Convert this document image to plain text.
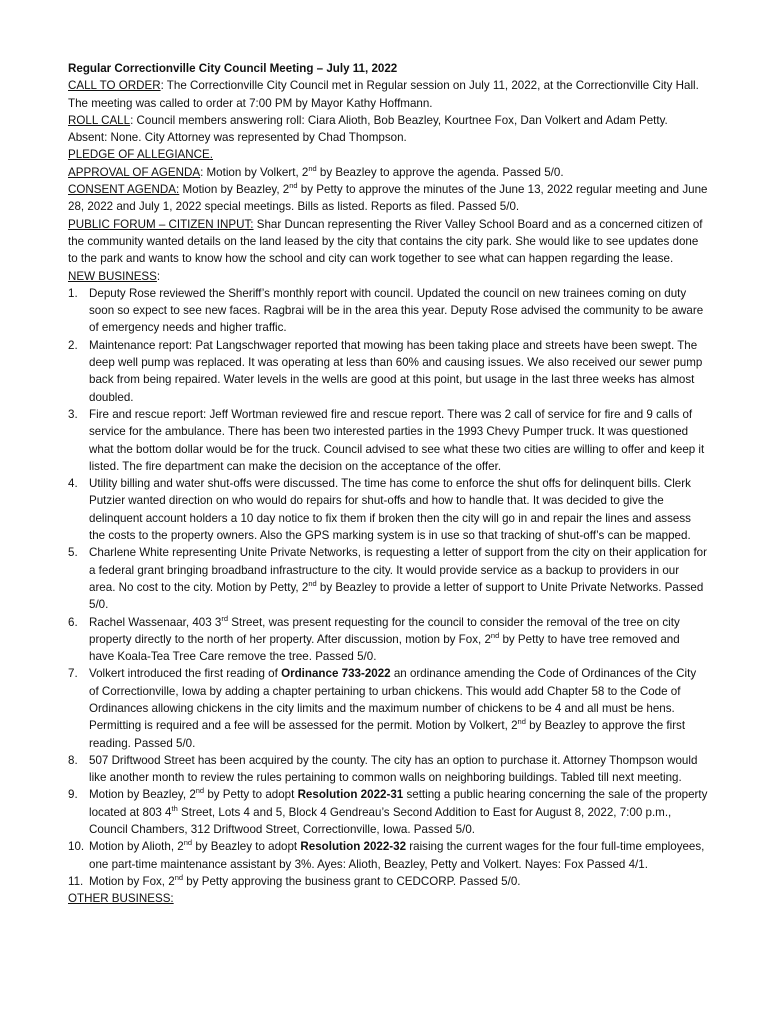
Regular Correctionville City Council Meeting – July 11, 2022

CALL TO ORDER: The Correctionville City Council met in Regular session on July 11, 2022, at the Correctionville City Hall. The meeting was called to order at 7:00 PM by Mayor Kathy Hoffmann.

ROLL CALL: Council members answering roll: Ciara Alioth, Bob Beazley, Kourtnee Fox, Dan Volkert and Adam Petty. Absent: None. City Attorney was represented by Chad Thompson.

PLEDGE OF ALLEGIANCE.

APPROVAL OF AGENDA: Motion by Volkert, 2nd by Beazley to approve the agenda. Passed 5/0.

CONSENT AGENDA: Motion by Beazley, 2nd by Petty to approve the minutes of the June 13, 2022 regular meeting and June 28, 2022 and July 1, 2022 special meetings. Bills as listed. Reports as filed. Passed 5/0.

PUBLIC FORUM – CITIZEN INPUT: Shar Duncan representing the River Valley School Board and as a concerned citizen of the community wanted details on the land leased by the city that contains the city park. She would like to see updates done to the park and wants to know how the school and city can work together to see what can happen regarding the lease.

NEW BUSINESS:

1. Deputy Rose reviewed the Sheriff’s monthly report with council. Updated the council on new trainees coming on duty soon so expect to see new faces. Ragbrai will be in the area this year. Deputy Rose advised the community to be aware of emergency needs and higher traffic.
2. Maintenance report: Pat Langschwager reported that mowing has been taking place and streets have been swept. The deep well pump was replaced. It was operating at less than 60% and causing issues. We also received our sewer pump back from being repaired. Water levels in the wells are good at this point, but usage in the last three weeks has almost doubled.
3. Fire and rescue report: Jeff Wortman reviewed fire and rescue report. There was 2 call of service for fire and 9 calls of service for the ambulance. There has been two interested parties in the 1993 Chevy Pumper truck. It was questioned what the bottom dollar would be for the truck. Council advised to see what these two cities are willing to offer and keep it listed. The fire department can make the decision on the acceptance of the offer.
4. Utility billing and water shut-offs were discussed. The time has come to enforce the shut offs for delinquent bills. Clerk Putzier wanted direction on who would do repairs for shut-offs and how to handle that. It was decided to give the delinquent account holders a 10 day notice to fix them if broken then the city will go in and repair the lines and assess the costs to the property owners. Also the GPS marking system is in use so that tracking of shut-off’s can be mapped.
5. Charlene White representing Unite Private Networks, is requesting a letter of support from the city on their application for a federal grant bringing broadband infrastructure to the city. It would provide service as a backup to providers in our area. No cost to the city. Motion by Petty, 2nd by Beazley to provide a letter of support to Unite Private Networks. Passed 5/0.
6. Rachel Wassenaar, 403 3rd Street, was present requesting for the council to consider the removal of the tree on city property directly to the north of her property. After discussion, motion by Fox, 2nd by Petty to have tree removed and have Koala-Tea Tree Care remove the tree. Passed 5/0.
7. Volkert introduced the first reading of Ordinance 733-2022 an ordinance amending the Code of Ordinances of the City of Correctionville, Iowa by adding a chapter pertaining to urban chickens. This would add Chapter 58 to the Code of Ordinances allowing chickens in the city limits and the maximum number of chickens to be 4 and all must be hens. Permitting is required and a fee will be assessed for the permit. Motion by Volkert, 2nd by Beazley to approve the first reading. Passed 5/0.
8. 507 Driftwood Street has been acquired by the county. The city has an option to purchase it. Attorney Thompson would like another month to review the rules pertaining to common walls on neighboring buildings. Tabled till next meeting.
9. Motion by Beazley, 2nd by Petty to adopt Resolution 2022-31 setting a public hearing concerning the sale of the property located at 803 4th Street, Lots 4 and 5, Block 4 Gendreau’s Second Addition to East for August 8, 2022, 7:00 p.m., Council Chambers, 312 Driftwood Street, Correctionville, Iowa. Passed 5/0.
10. Motion by Alioth, 2nd by Beazley to adopt Resolution 2022-32 raising the current wages for the four full-time employees, one part-time maintenance assistant by 3%. Ayes: Alioth, Beazley, Petty and Volkert. Nayes: Fox Passed 4/1.
11. Motion by Fox, 2nd by Petty approving the business grant to CEDCORP. Passed 5/0.

OTHER BUSINESS:
